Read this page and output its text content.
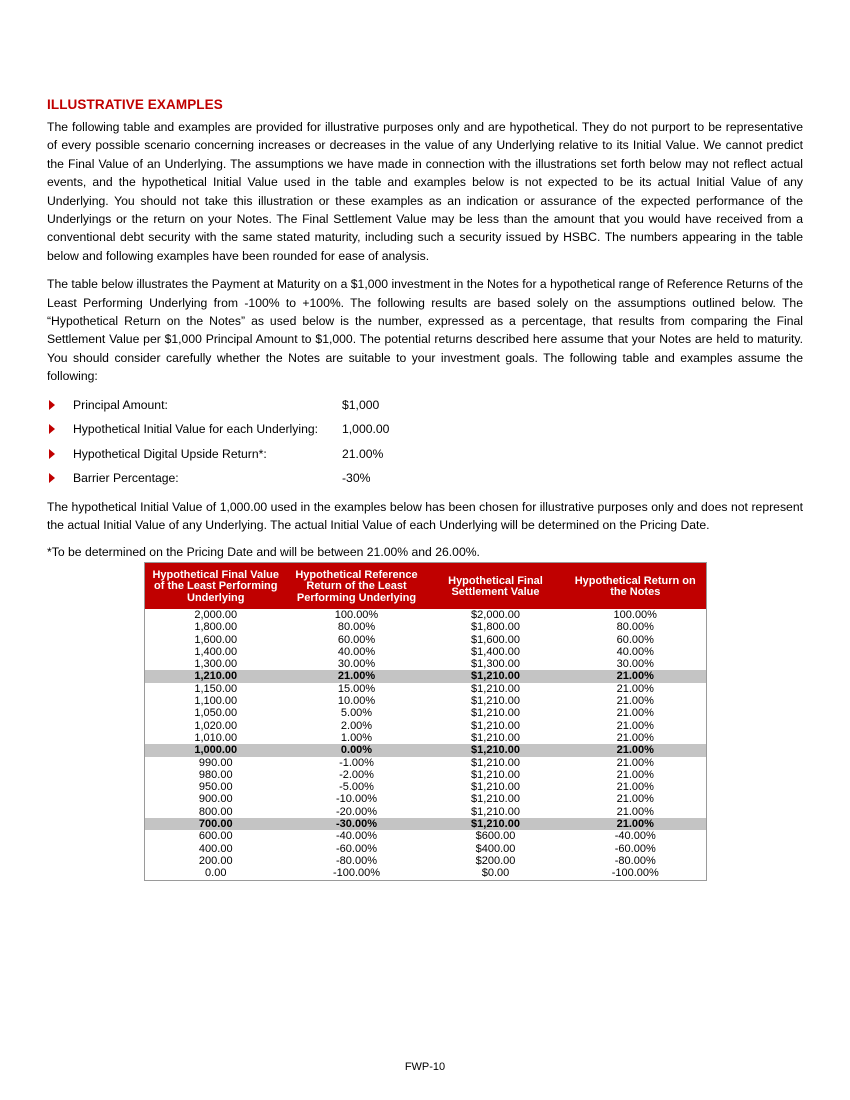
ILLUSTRATIVE EXAMPLES

The following table and examples are provided for illustrative purposes only and are hypothetical. They do not purport to be representative of every possible scenario concerning increases or decreases in the value of any Underlying relative to its Initial Value. We cannot predict the Final Value of an Underlying. The assumptions we have made in connection with the illustrations set forth below may not reflect actual events, and the hypothetical Initial Value used in the table and examples below is not expected to be its actual Initial Value of any Underlying. You should not take this illustration or these examples as an indication or assurance of the expected performance of the Underlyings or the return on your Notes. The Final Settlement Value may be less than the amount that you would have received from a conventional debt security with the same stated maturity, including such a security issued by HSBC. The numbers appearing in the table below and following examples have been rounded for ease of analysis.

The table below illustrates the Payment at Maturity on a $1,000 investment in the Notes for a hypothetical range of Reference Returns of the Least Performing Underlying from -100% to +100%. The following results are based solely on the assumptions outlined below. The “Hypothetical Return on the Notes” as used below is the number, expressed as a percentage, that results from comparing the Final Settlement Value per $1,000 Principal Amount to $1,000. The potential returns described here assume that your Notes are held to maturity. You should consider carefully whether the Notes are suitable to your investment goals. The following table and examples assume the following:

Principal Amount:	$1,000
Hypothetical Initial Value for each Underlying: 1,000.00
Hypothetical Digital Upside Return*:	21.00%
Barrier Percentage:	-30%

The hypothetical Initial Value of 1,000.00 used in the examples below has been chosen for illustrative purposes only and does not represent the actual Initial Value of any Underlying. The actual Initial Value of each Underlying will be determined on the Pricing Date.

*To be determined on the Pricing Date and will be between 21.00% and 26.00%.

Hypothetical Final Value of the Least Performing Underlying	Hypothetical Reference Return of the Least Performing Underlying	Hypothetical Final Settlement Value	Hypothetical Return on the Notes
2,000.00	100.00%	$2,000.00	100.00%
1,800.00	80.00%	$1,800.00	80.00%
1,600.00	60.00%	$1,600.00	60.00%
1,400.00	40.00%	$1,400.00	40.00%
1,300.00	30.00%	$1,300.00	30.00%
1,210.00	21.00%	$1,210.00	21.00%
1,150.00	15.00%	$1,210.00	21.00%
1,100.00	10.00%	$1,210.00	21.00%
1,050.00	5.00%	$1,210.00	21.00%
1,020.00	2.00%	$1,210.00	21.00%
1,010.00	1.00%	$1,210.00	21.00%
1,000.00	0.00%	$1,210.00	21.00%
990.00	-1.00%	$1,210.00	21.00%
980.00	-2.00%	$1,210.00	21.00%
950.00	-5.00%	$1,210.00	21.00%
900.00	-10.00%	$1,210.00	21.00%
800.00	-20.00%	$1,210.00	21.00%
700.00	-30.00%	$1,210.00	21.00%
600.00	-40.00%	$600.00	-40.00%
400.00	-60.00%	$400.00	-60.00%
200.00	-80.00%	$200.00	-80.00%
0.00	-100.00%	$0.00	-100.00%
FWP-10
